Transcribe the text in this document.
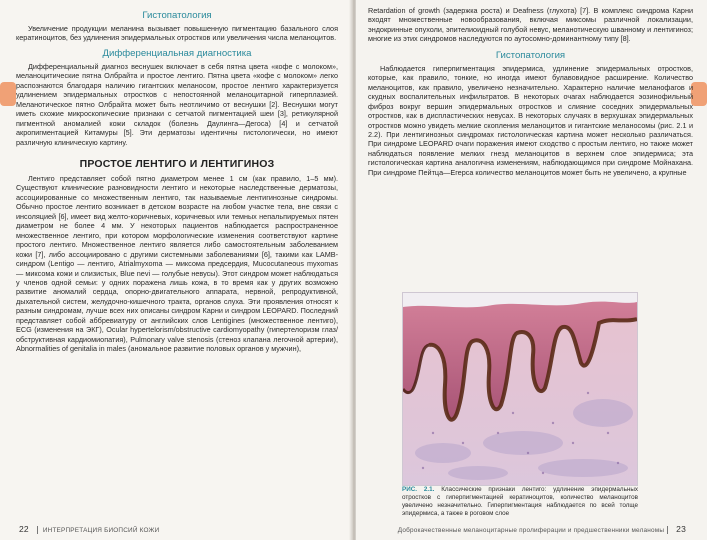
Гистопатология

Увеличение продукции меланина вызывает повышенную пигментацию базального слоя кератиноцитов, без удлинения эпидермальных отростков или увеличения числа меланоцитов.

Дифференциальная диагностика

Дифференциальный диагноз веснушек включает в себя пятна цвета «кофе с молоком», меланоцитические пятна Олбрайта и простое лентиго. Пятна цвета «кофе с молоком» легко распознаются благодаря наличию гигантских меланосом, простое лентиго характеризуется удлинением эпидермальных отростков с непостоянной меланоцитарной гиперплазией. Меланотическое пятно Олбрайта может быть неотличимо от веснушки [2]. Веснушки могут иметь схожие микроскопические признаки с сетчатой пигментацией шеи [3], ретикулярной пигментной аномалией кожи складок (болезнь Даулинга—Дегоса) [4] и сетчатой акропигментацией Китамуры [5]. Эти дерматозы идентичны гистологически, но имеют различную клиническую картину.

ПРОСТОЕ ЛЕНТИГО И ЛЕНТИГИНОЗ

Лентиго представляет собой пятно диаметром менее 1 см (как правило, 1–5 мм). Существуют клинические разновидности лентиго и некоторые наследственные дерматозы, ассоциированные со множественным лентиго, так называемые лентигинозные синдромы. Обычно простое лентиго возникает в детском возрасте на любом участке тела, вне связи с инсоляцией [6], имеет вид желто-коричневых, коричневых или темных непальпируемых пятен диаметром не более 4 мм. У некоторых пациентов наблюдается распространенное множественное лентиго, при котором морфологические изменения соответствуют картине простого лентиго. Множественное лентиго является либо самостоятельным заболеванием кожи [7], либо ассоциировано с другими системными заболеваниями [6], такими как LAMB-синдром (Lentigo — лентиго, Atrialmyxoma — миксома предсердия, Mucocutaneous myxomas — миксома кожи и слизистых, Blue nevi — голубые невусы). Этот синдром может наблюдаться у членов одной семьи: у одних поражена лишь кожа, в то время как у других возможно развитие аномалий сердца, опорно-двигательного аппарата, нервной, репродуктивной, дыхательной систем, желудочно-кишечного тракта, органов слуха. Эти проявления относят к разным синдромам, лучше всех них описаны синдром Карни и синдром LEOPARD. Последний представляет собой аббревиатуру от английских слов Lentigines (множественное лентиго), ECG (изменения на ЭКГ), Ocular hypertelorism/obstructive cardiomyopathy (гипертелоризм глаз/обструктивная кардиомиопатия), Pulmonary valve stenosis (стеноз клапана легочной артерии), Abnormalities of genitalia in males (аномальное развитие половых органов у мужчин),

22 ИНТЕРПРЕТАЦИЯ БИОПСИЙ КОЖИ

Retardation of growth (задержка роста) и Deafness (глухота) [7]. В комплекс синдрома Карни входят множественные новообразования, включая миксомы различной локализации, эндокринные опухоли, эпителиоидный голубой невус, меланотическую шванному и лентигиноз; многие из этих синдромов наследуются по аутосомно-доминантному типу [8].

Гистопатология

Наблюдается гиперпигментация эпидермиса, удлинение эпидермальных отростков, которые, как правило, тонкие, но иногда имеют булавовидное расширение. Количество меланоцитов, как правило, увеличено незначительно. Характерно наличие меланофагов и скудных воспалительных инфильтратов. В некоторых очагах наблюдается эозинофильный фиброз вокруг вершин эпидермальных отростков и слияние соседних эпидермальных отростков, как в диспластических невусах. В некоторых случаях в верхушках эпидермальных отростков можно увидеть мелкие скопления меланоцитов и гигантские меланосомы (рис. 2.1 и 2.2). При лентигинозных синдромах гистологическая картина может несколько различаться. При синдроме LEOPARD очаги поражения имеют сходство с простым лентиго, но также может наблюдаться появление мелких гнезд меланоцитов в верхнем слое эпидермиса; эта гистологическая картина аналогична изменениям, наблюдающимся при синдроме Мойнахана. При синдроме Пейтца—Егерса количество меланоцитов может быть не увеличено, а крупные

РИС. 2.1. Классические признаки лентиго: удлинение эпидермальных отростков с гиперпигментацией кератиноцитов, количество меланоцитов увеличено незначительно. Гиперпигментация наблюдается по всей толще эпидермиса, а также в роговом слое
Доброкачественные меланоцитарные пролиферации и предшественники меланомы 23
